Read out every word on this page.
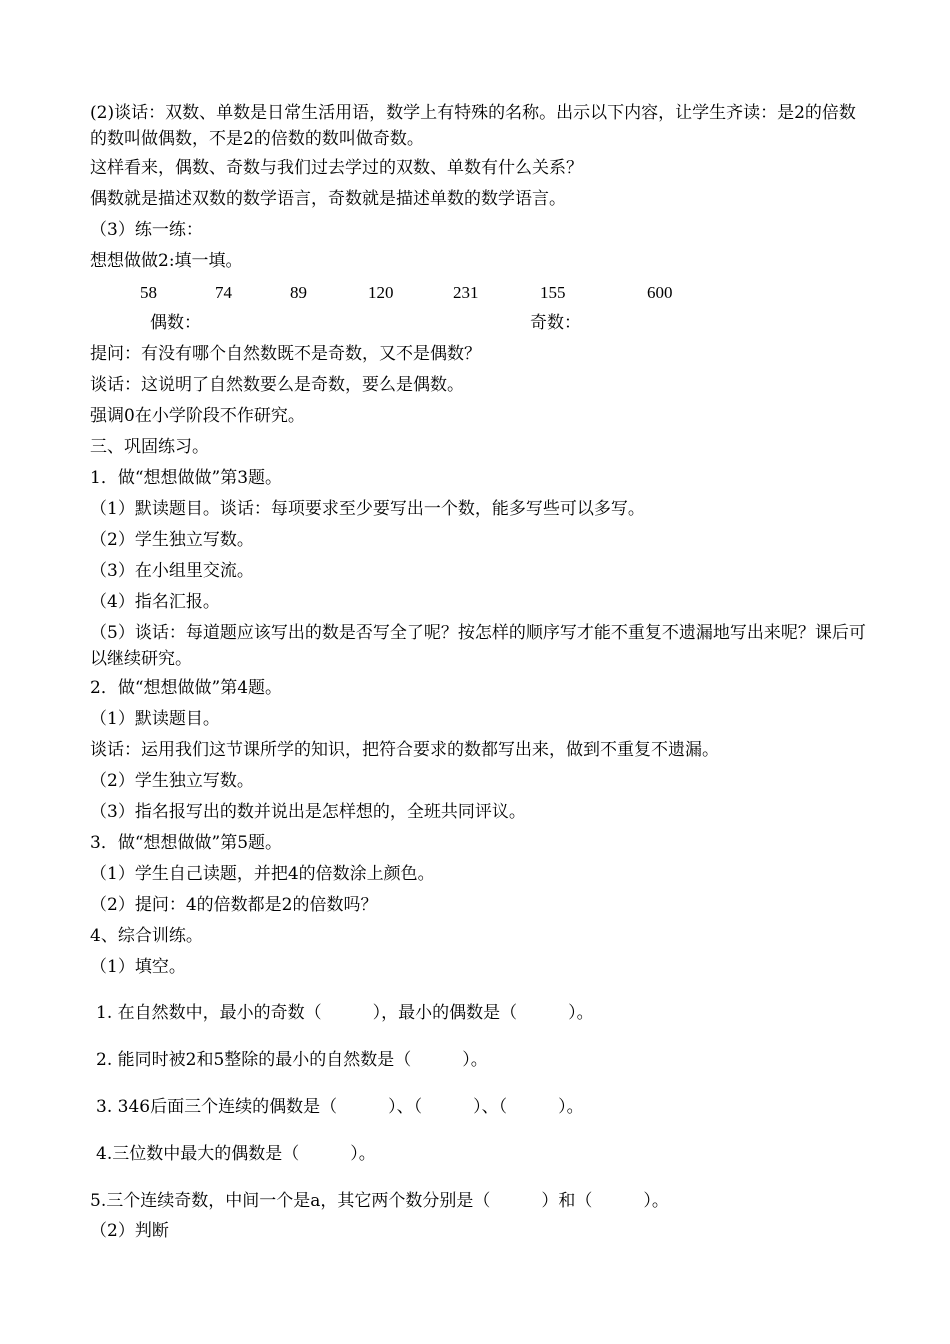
(2)谈话：双数、单数是日常生活用语，数学上有特殊的名称。出示以下内容，让学生齐读：是2的倍数的数叫做偶数，不是2的倍数的数叫做奇数。
这样看来，偶数、奇数与我们过去学过的双数、单数有什么关系？
偶数就是描述双数的数学语言，奇数就是描述单数的数学语言。
（3）练一练：
想想做做2:填一填。
58	74	89	120	231	155	600
偶数：	奇数：
提问：有没有哪个自然数既不是奇数，又不是偶数？
谈话：这说明了自然数要么是奇数，要么是偶数。
强调0在小学阶段不作研究。
三、巩固练习。
1．做“想想做做”第3题。
（1）默读题目。谈话：每项要求至少要写出一个数，能多写些可以多写。
（2）学生独立写数。
（3）在小组里交流。
（4）指名汇报。
（5）谈话：每道题应该写出的数是否写全了呢？按怎样的顺序写才能不重复不遗漏地写出来呢？课后可以继续研究。
2．做“想想做做”第4题。
（1）默读题目。
谈话：运用我们这节课所学的知识，把符合要求的数都写出来，做到不重复不遗漏。
（2）学生独立写数。
（3）指名报写出的数并说出是怎样想的，全班共同评议。
3．做“想想做做”第5题。
（1）学生自己读题，并把4的倍数涂上颜色。
（2）提问：4的倍数都是2的倍数吗？
4、综合训练。
（1）填空。
1. 在自然数中，最小的奇数（　　　），最小的偶数是（　　　）。
2. 能同时被2和5整除的最小的自然数是（　　　）。
3. 346后面三个连续的偶数是（　　　）、（　　　）、（　　　）。
4.三位数中最大的偶数是（　　　）。
5.三个连续奇数，中间一个是a，其它两个数分别是（　　　）和（　　　）。
（2）判断
